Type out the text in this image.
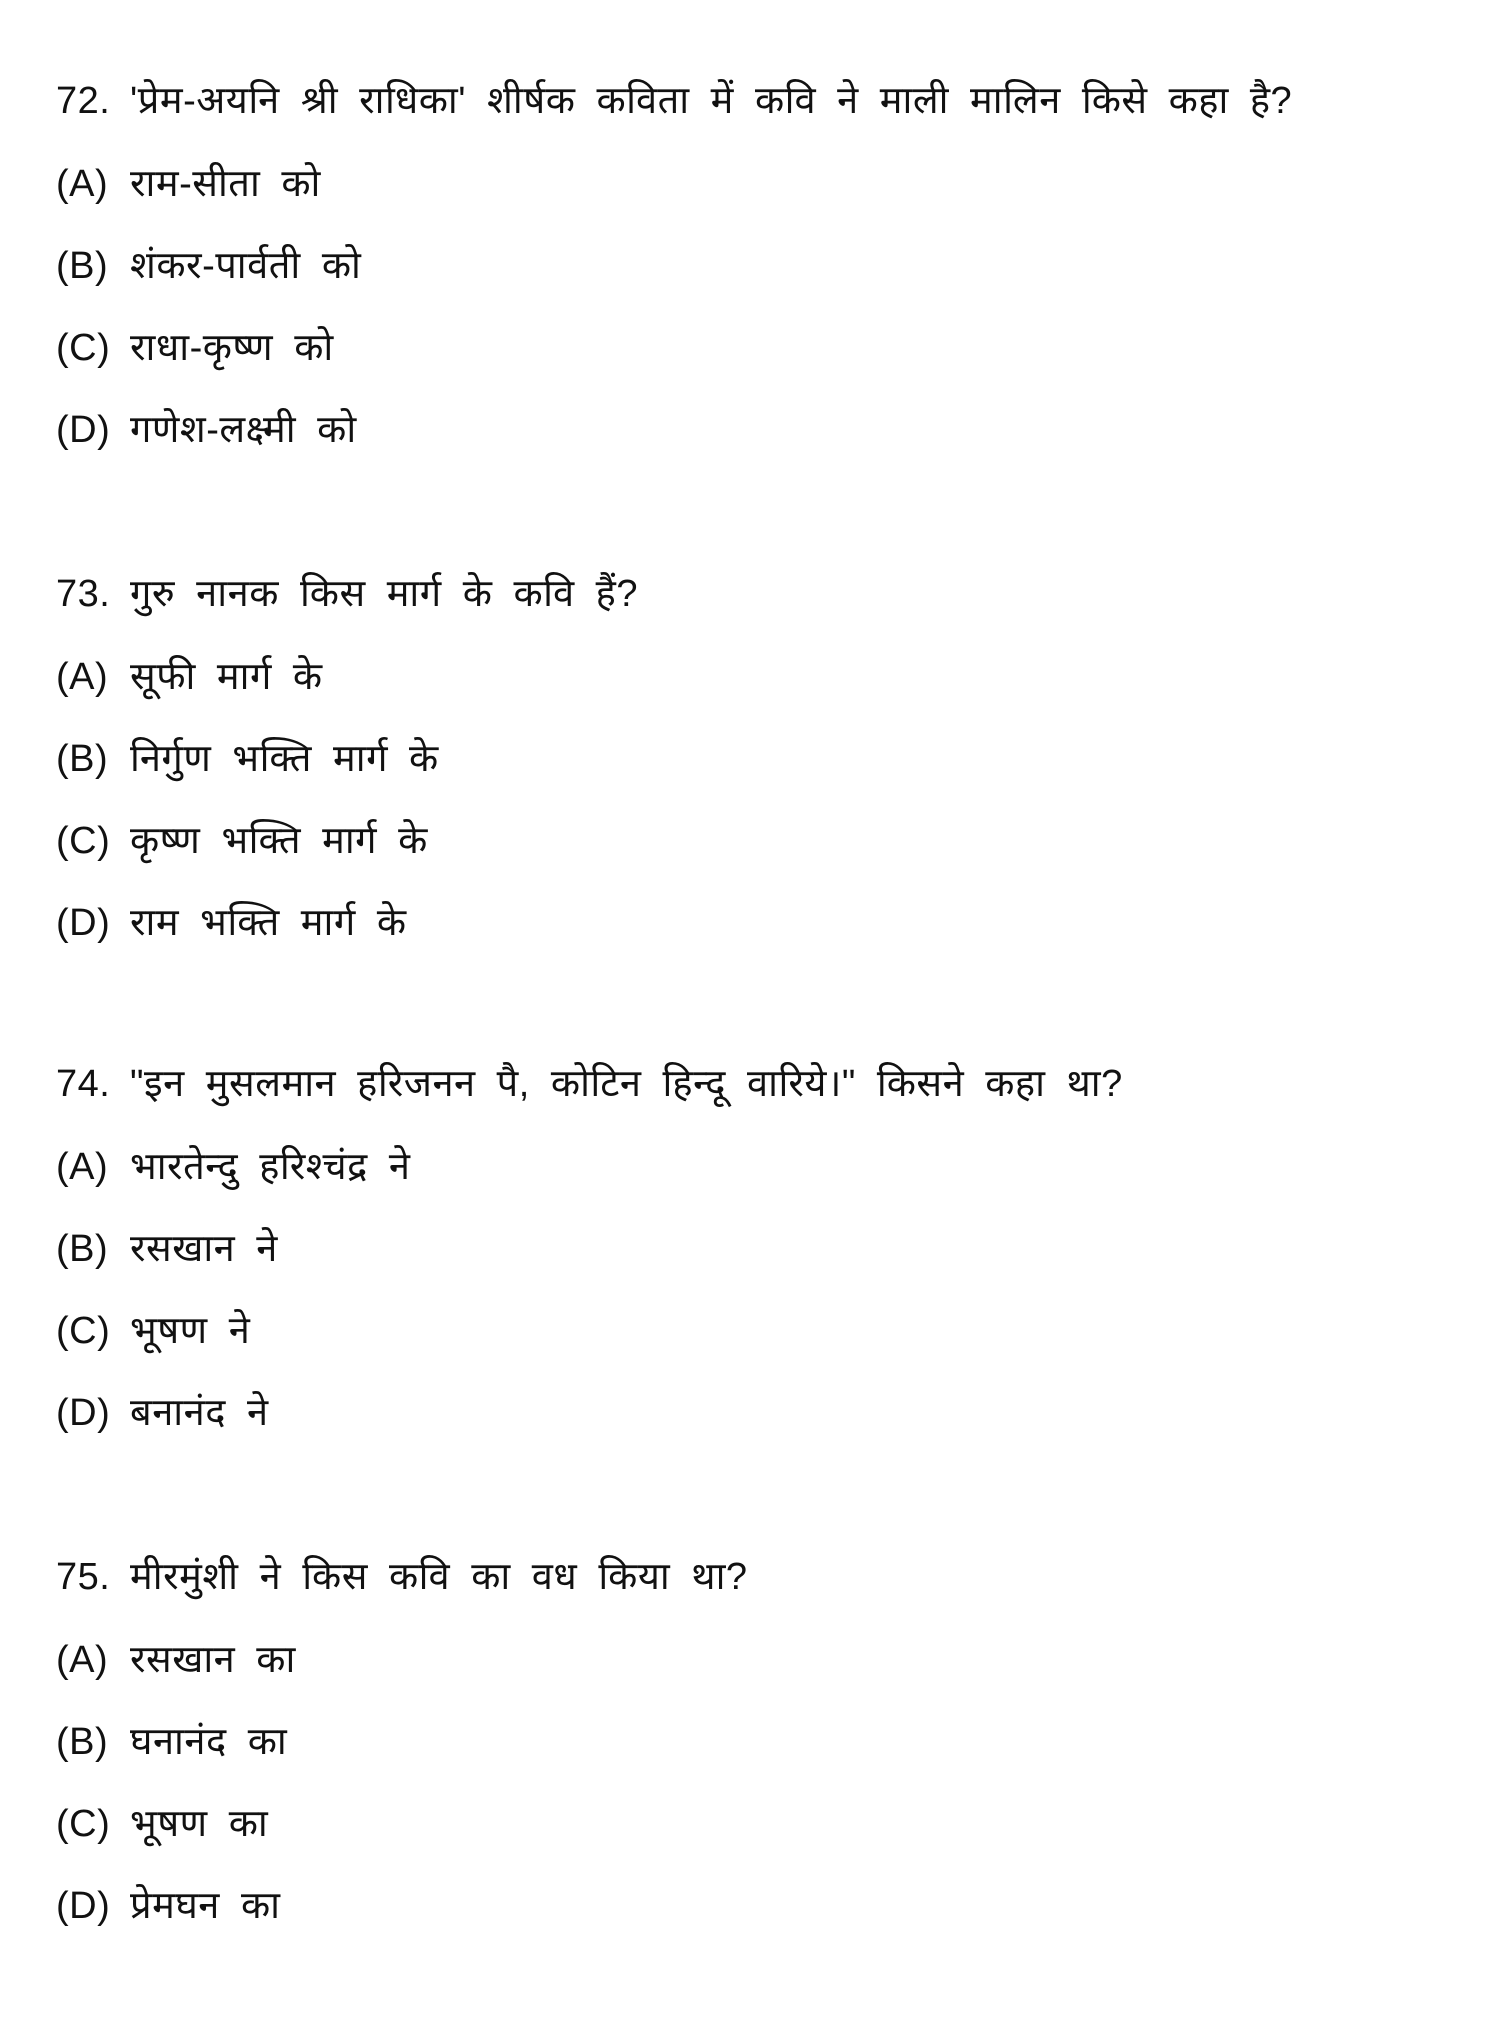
72. 'प्रेम-अयनि श्री राधिका' शीर्षक कविता में कवि ने माली मालिन किसे कहा है?
(A) राम-सीता को
(B) शंकर-पार्वती को
(C) राधा-कृष्ण को
(D) गणेश-लक्ष्मी को
73. गुरु नानक किस मार्ग के कवि हैं?
(A) सूफी मार्ग के
(B) निर्गुण भक्ति मार्ग के
(C) कृष्ण भक्ति मार्ग के
(D) राम भक्ति मार्ग के
74. "इन मुसलमान हरिजनन पै, कोटिन हिन्दू वारिये।" किसने कहा था?
(A) भारतेन्दु हरिश्चंद्र ने
(B) रसखान ने
(C) भूषण ने
(D) बनानंद ने
75. मीरमुंशी ने किस कवि का वध किया था?
(A) रसखान का
(B) घनानंद का
(C) भूषण का
(D) प्रेमघन का
